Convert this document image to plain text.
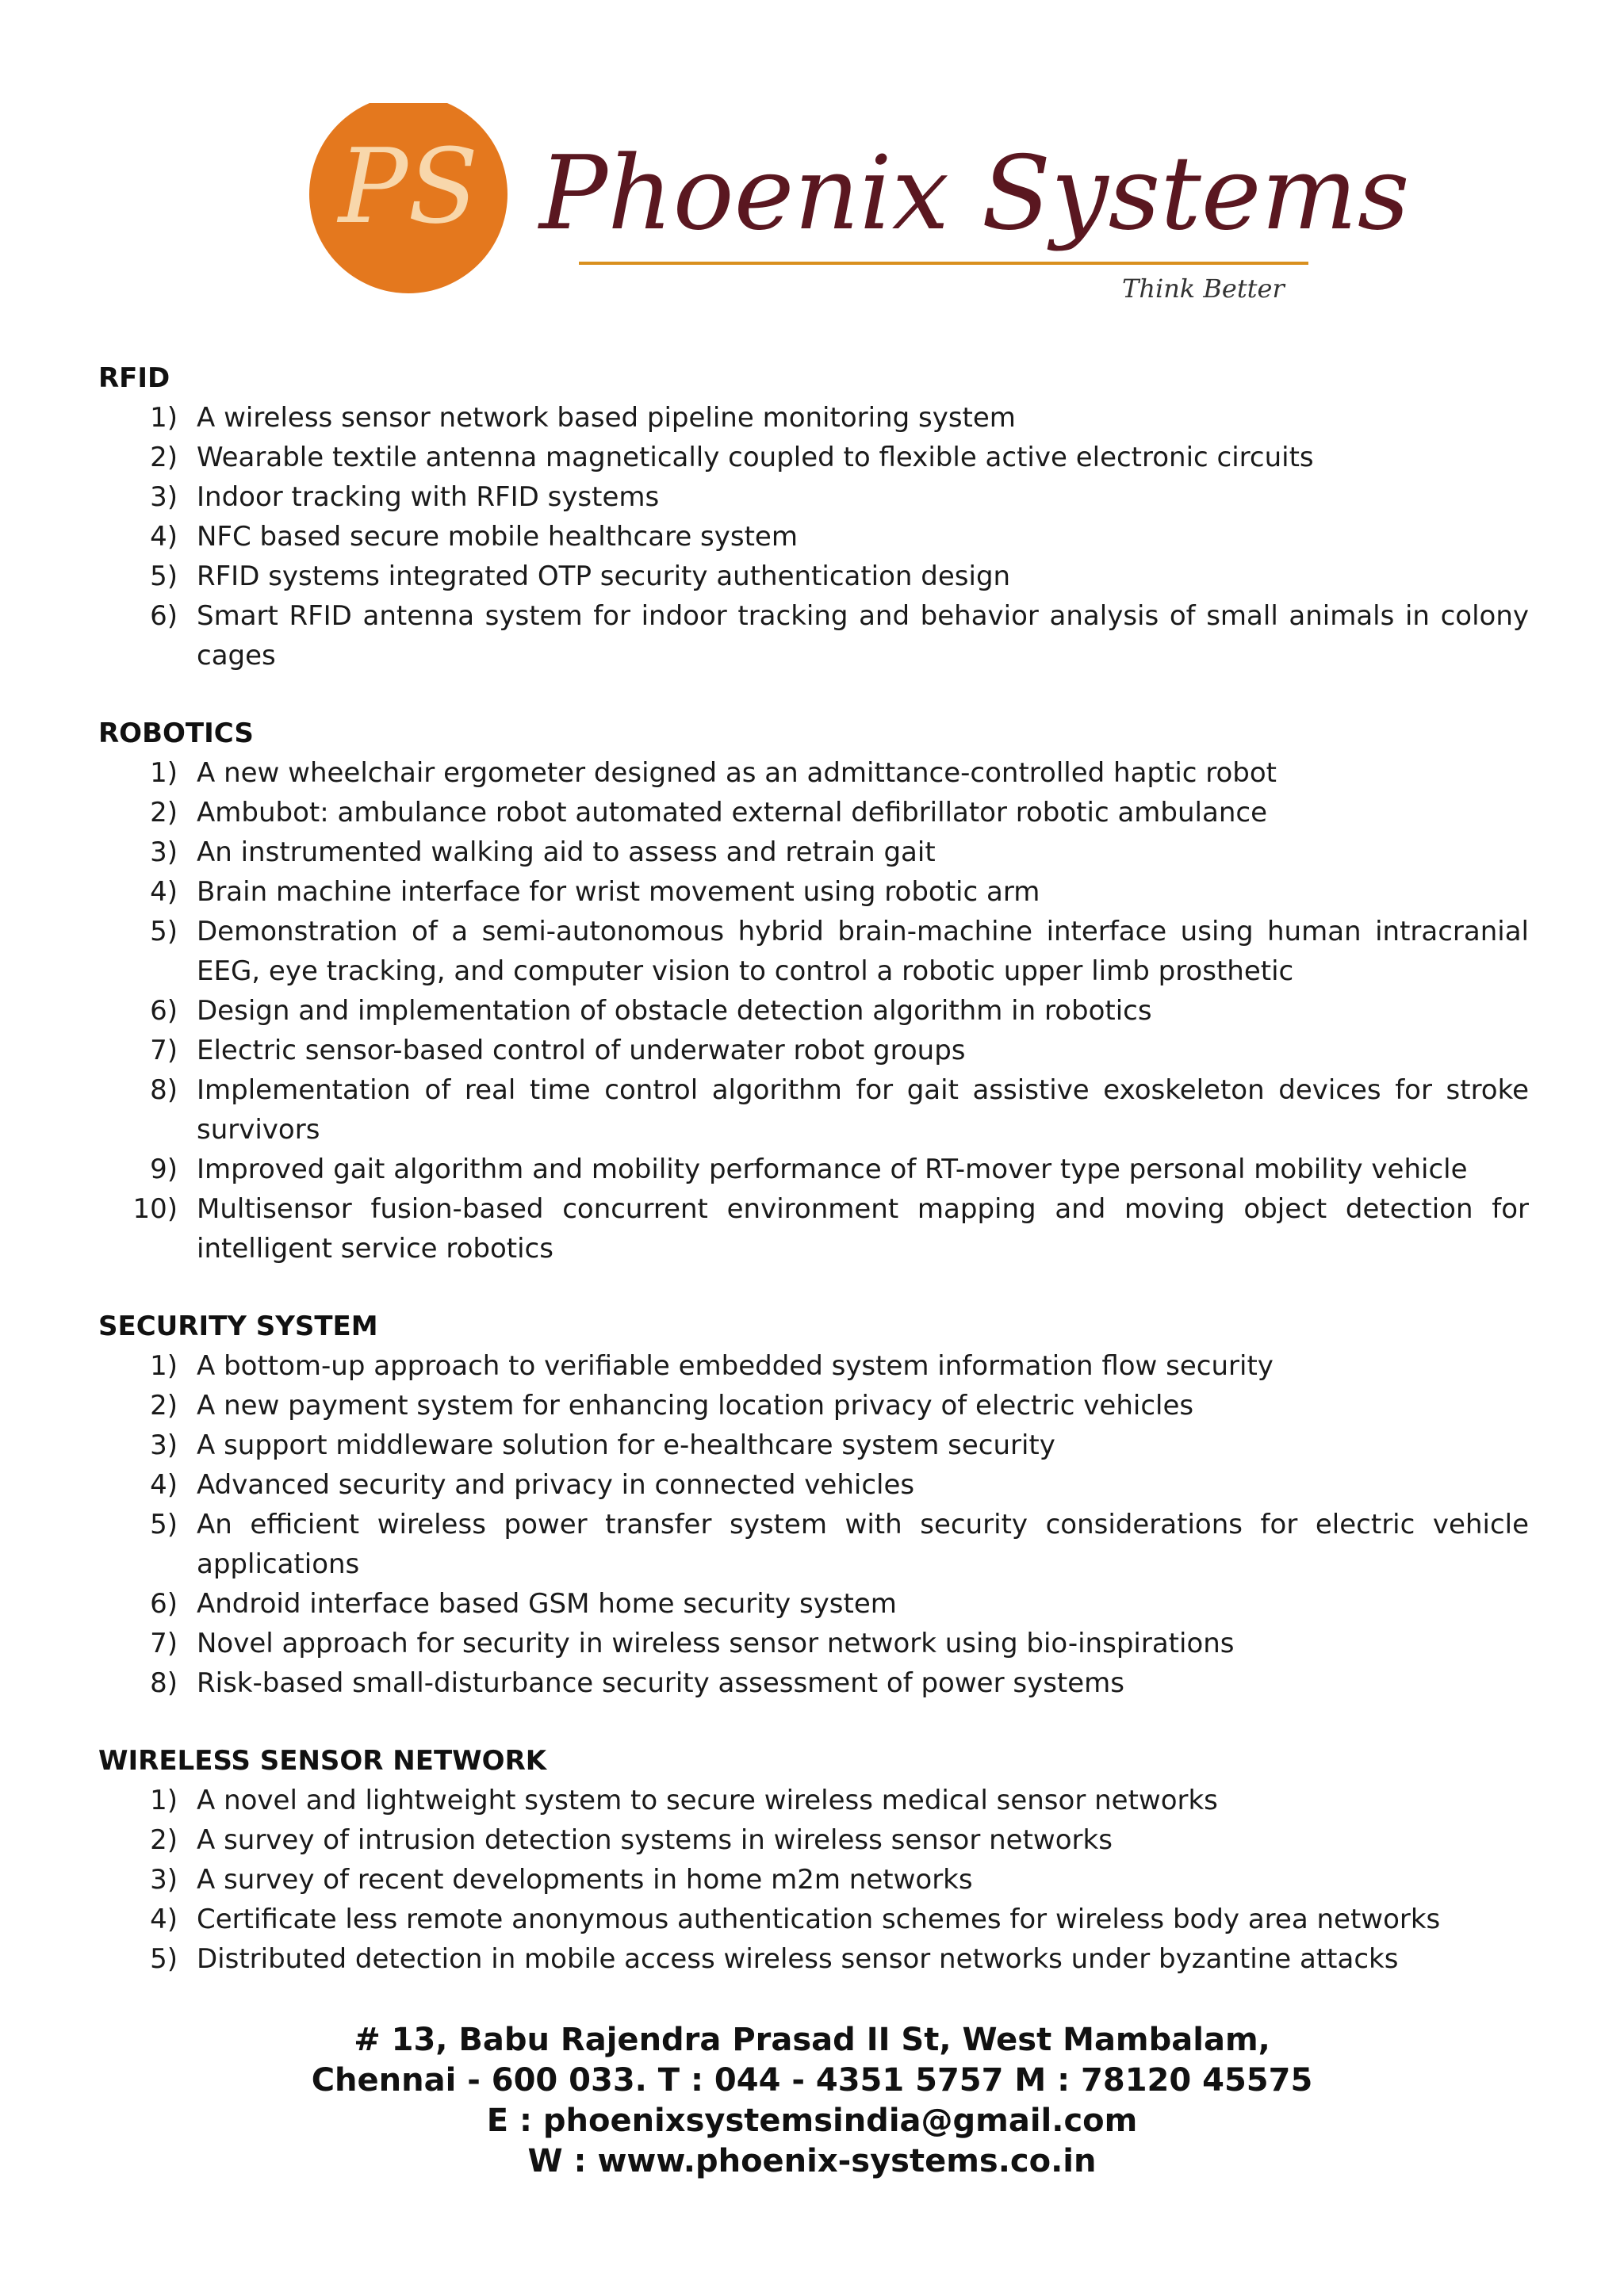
PS Phoenix Systems
Think Better
RFID
1) A wireless sensor network based pipeline monitoring system
2) Wearable textile antenna magnetically coupled to flexible active electronic circuits
3) Indoor tracking with RFID systems
4) NFC based secure mobile healthcare system
5) RFID systems integrated OTP security authentication design
6) Smart RFID antenna system for indoor tracking and behavior analysis of small animals in colony cages
ROBOTICS
1) A new wheelchair ergometer designed as an admittance-controlled haptic robot
2) Ambubot: ambulance robot automated external defibrillator robotic ambulance
3) An instrumented walking aid to assess and retrain gait
4) Brain machine interface for wrist movement using robotic arm
5) Demonstration of a semi-autonomous hybrid brain-machine interface using human intracranial EEG, eye tracking, and computer vision to control a robotic upper limb prosthetic
6) Design and implementation of obstacle detection algorithm in robotics
7) Electric sensor-based control of underwater robot groups
8) Implementation of real time control algorithm for gait assistive exoskeleton devices for stroke survivors
9) Improved gait algorithm and mobility performance of RT-mover type personal mobility vehicle
10) Multisensor fusion-based concurrent environment mapping and moving object detection for intelligent service robotics
SECURITY SYSTEM
1) A bottom-up approach to verifiable embedded system information flow security
2) A new payment system for enhancing location privacy of electric vehicles
3) A support middleware solution for e-healthcare system security
4) Advanced security and privacy in connected vehicles
5) An efficient wireless power transfer system with security considerations for electric vehicle applications
6) Android interface based GSM home security system
7) Novel approach for security in wireless sensor network using bio-inspirations
8) Risk-based small-disturbance security assessment of power systems
WIRELESS SENSOR NETWORK
1) A novel and lightweight system to secure wireless medical sensor networks
2) A survey of intrusion detection systems in wireless sensor networks
3) A survey of recent developments in home m2m networks
4) Certificate less remote anonymous authentication schemes for wireless body area networks
5) Distributed detection in mobile access wireless sensor networks under byzantine attacks
# 13, Babu Rajendra Prasad II St, West Mambalam,
Chennai - 600 033. T : 044 - 4351 5757 M : 78120 45575
E : phoenixsystemsindia@gmail.com
W : www.phoenix-systems.co.in
